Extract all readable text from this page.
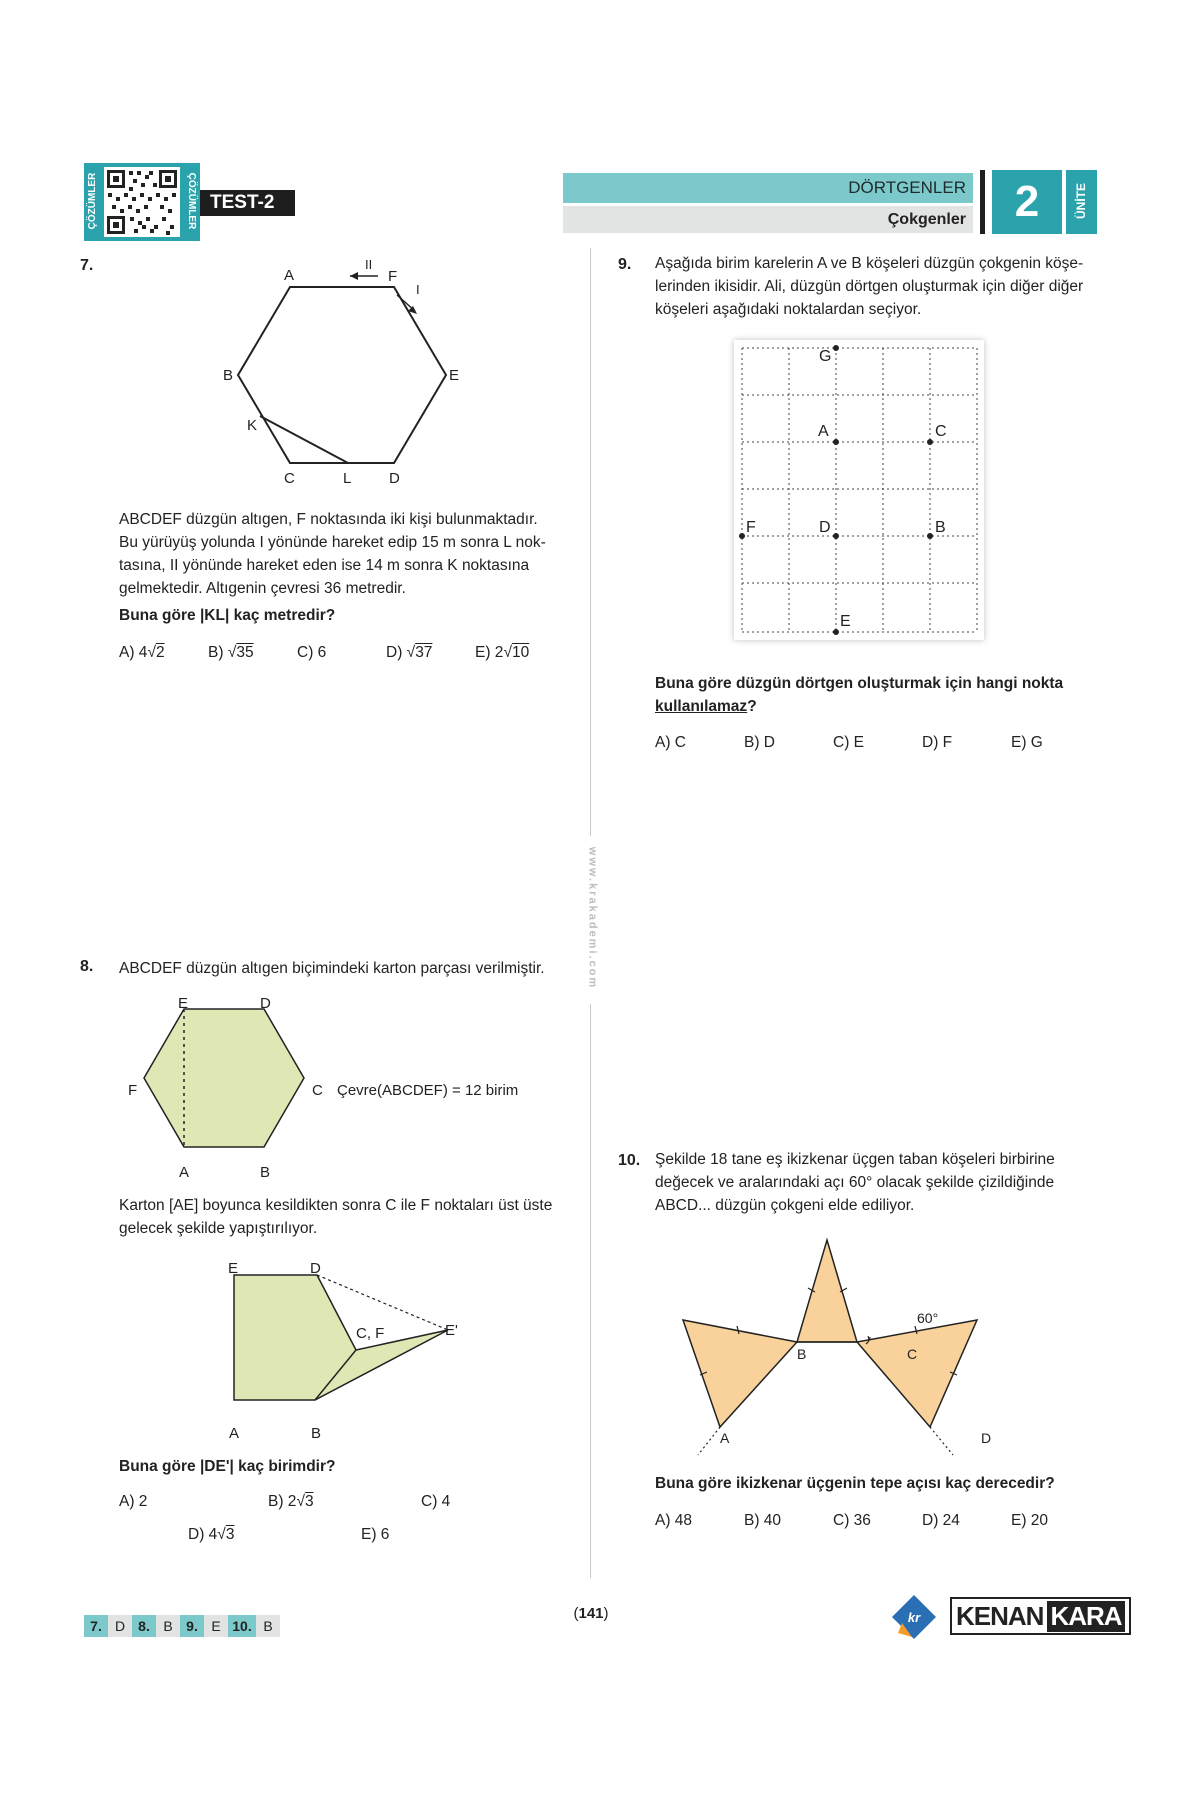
ÇÖZÜMLER	ÇÖZÜMLER TEST-2
DÖRTGENLER
Çokgenler	2	ÜNİTE
www.krakademi.com
7.
A	F
II
I
B	E
K
C	L	D
ABCDEF düzgün altıgen, F noktasında iki kişi bulunmaktadır.
Bu yürüyüş yolunda I yönünde hareket edip 15 m sonra L nok-
tasına, II yönünde hareket eden ise 14 m sonra K noktasına
gelmektedir. Altıgenin çevresi 36 metredir.
Buna göre |KL| kaç metredir?
A) 4√2	B) √35	C) 6	D) √37	E) 2√10
8. ABCDEF düzgün altıgen biçimindeki karton parçası verilmiştir.
E	D
F	C Çevre(ABCDEF) = 12 birim
A	B
Karton [AE] boyunca kesildikten sonra C ile F noktaları üst üste
gelecek şekilde yapıştırılıyor.
E	D
C, F	E'
A	B
Buna göre |DE'| kaç birimdir?
A) 2	B) 2√3	C) 4
D) 4√3	E) 6
9. Aşağıda birim karelerin A ve B köşeleri düzgün çokgenin köşe-
lerinden ikisidir. Ali, düzgün dörtgen oluşturmak için diğer diğer
köşeleri aşağıdaki noktalardan seçiyor.
G
A	C
F	D	B
E
Buna göre düzgün dörtgen oluşturmak için hangi nokta
kullanılamaz?
A) C	B) D	C) E	D) F	E) G
10. Şekilde 18 tane eş ikizkenar üçgen taban köşeleri birbirine
değecek ve aralarındaki açı 60° olacak şekilde çizildiğinde
ABCD... düzgün çokgeni elde ediliyor.
60°
B	C
A	D
Buna göre ikizkenar üçgenin tepe açısı kaç derecedir?
A) 48	B) 40	C) 36	D) 24	E) 20
7. D 8. B 9. E 10. B
(141)	kr KENAN KARA
